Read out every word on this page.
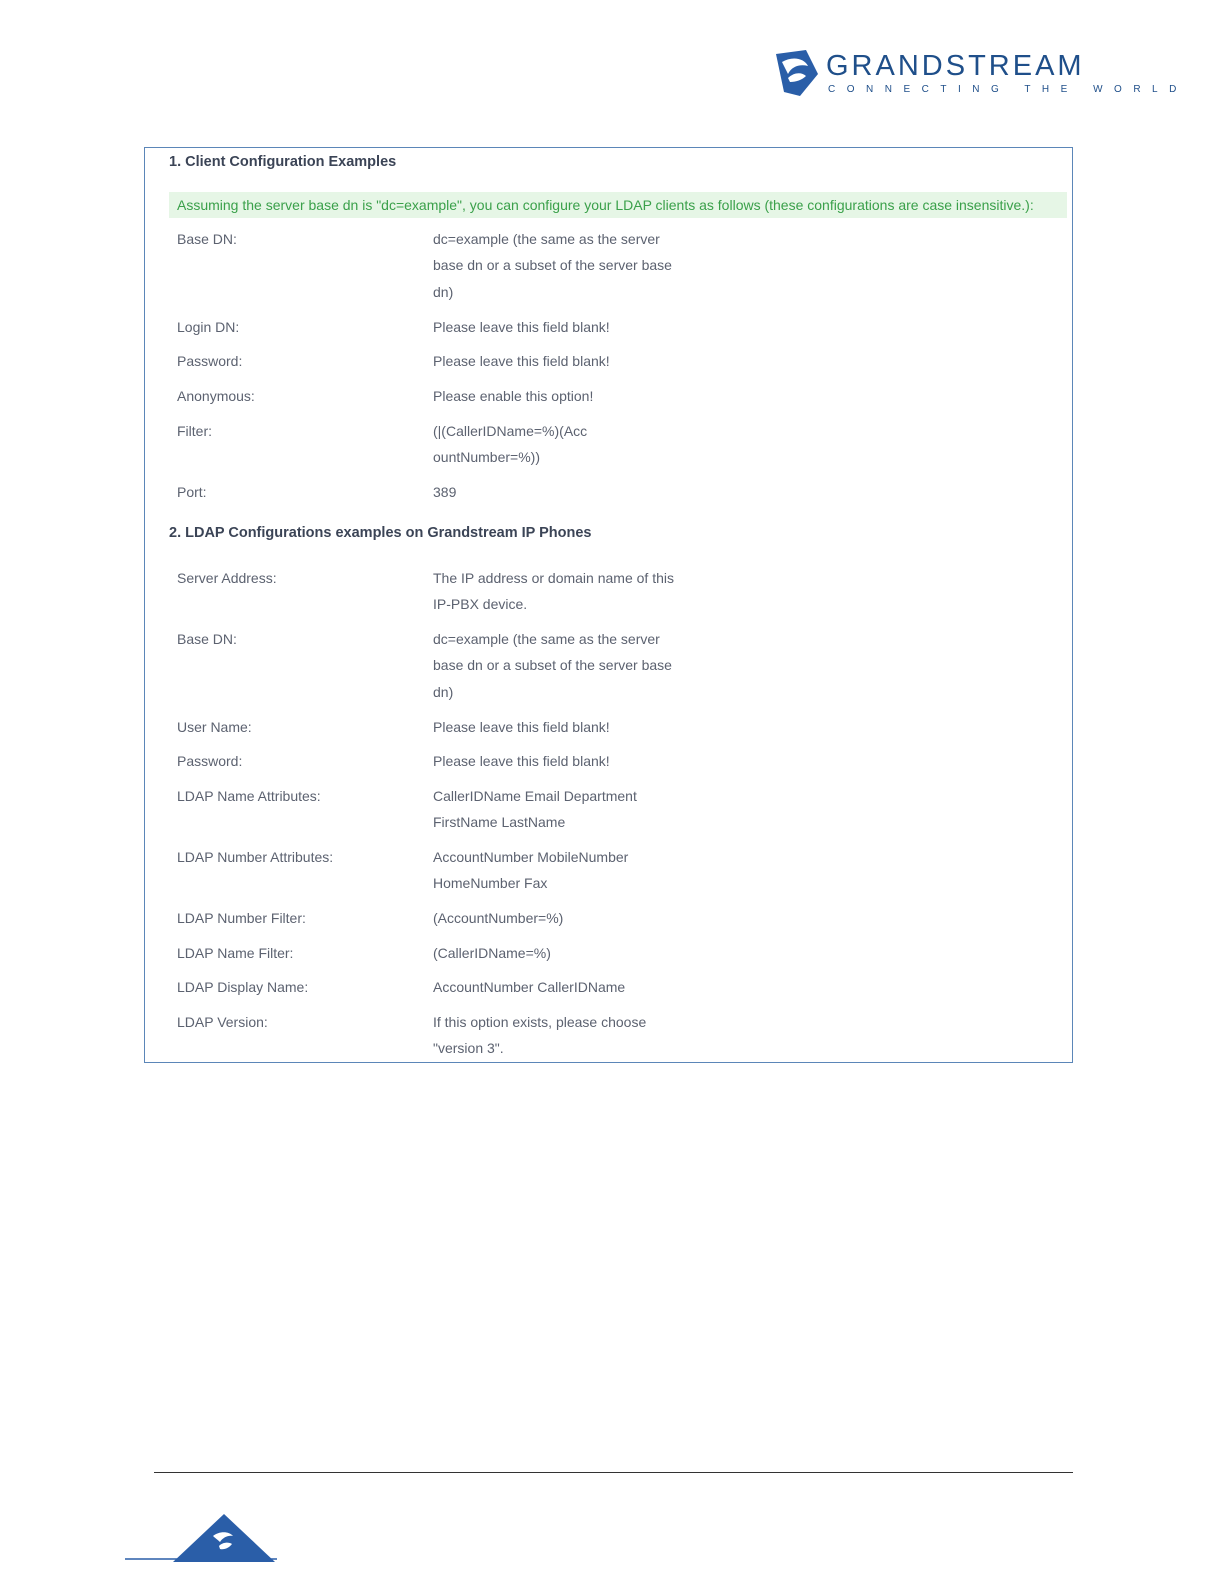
GRANDSTREAM
CONNECTING THE WORLD
1. Client Configuration Examples
Assuming the server base dn is "dc=example", you can configure your LDAP clients as follows (these configurations are case insensitive.):
Base DN:	dc=example (the same as the server base dn or a subset of the server base dn)
Login DN:	Please leave this field blank!
Password:	Please leave this field blank!
Anonymous:	Please enable this option!
Filter:	(|(CallerIDName=%)(AccountNumber=%))
Port:	389
2. LDAP Configurations examples on Grandstream IP Phones
Server Address:	The IP address or domain name of this IP-PBX device.
Base DN:	dc=example (the same as the server base dn or a subset of the server base dn)
User Name:	Please leave this field blank!
Password:	Please leave this field blank!
LDAP Name Attributes:	CallerIDName Email Department FirstName LastName
LDAP Number Attributes:	AccountNumber MobileNumber HomeNumber Fax
LDAP Number Filter:	(AccountNumber=%)
LDAP Name Filter:	(CallerIDName=%)
LDAP Display Name:	AccountNumber CallerIDName
LDAP Version:	If this option exists, please choose "version 3".
